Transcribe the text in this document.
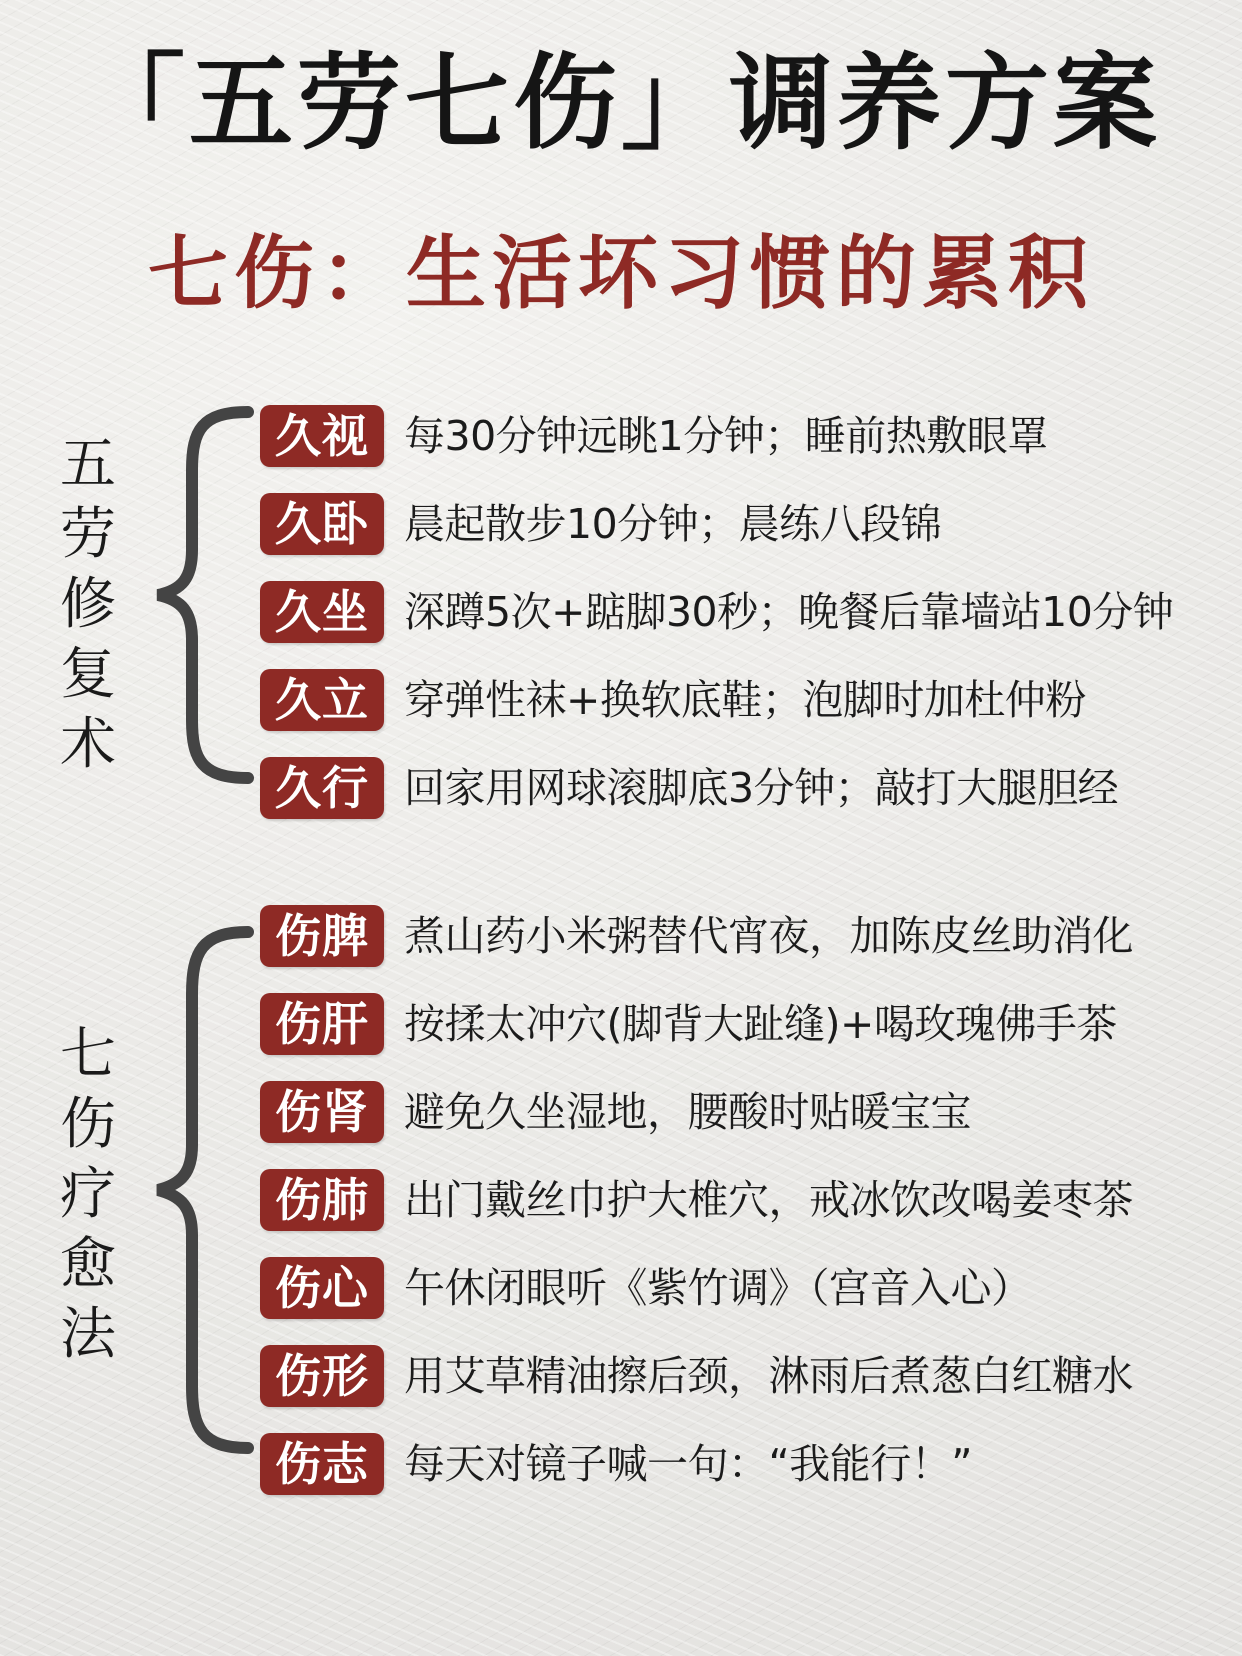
「五劳七伤」调养方案
七伤：生活坏习惯的累积
五
劳
修
复
术
久视 每30分钟远眺1分钟；睡前热敷眼罩
久卧 晨起散步10分钟；晨练八段锦
久坐 深蹲5次+踮脚30秒；晚餐后靠墙站10分钟
久立 穿弹性袜+换软底鞋；泡脚时加杜仲粉
久行 回家用网球滚脚底3分钟；敲打大腿胆经
七
伤
疗
愈
法
伤脾 煮山药小米粥替代宵夜，加陈皮丝助消化
伤肝 按揉太冲穴(脚背大趾缝)+喝玫瑰佛手茶
伤肾 避免久坐湿地，腰酸时贴暖宝宝
伤肺 出门戴丝巾护大椎穴，戒冰饮改喝姜枣茶
伤心 午休闭眼听《紫竹调》（宫音入心）
伤形 用艾草精油擦后颈，淋雨后煮葱白红糖水
伤志 每天对镜子喊一句：“我能行！”
